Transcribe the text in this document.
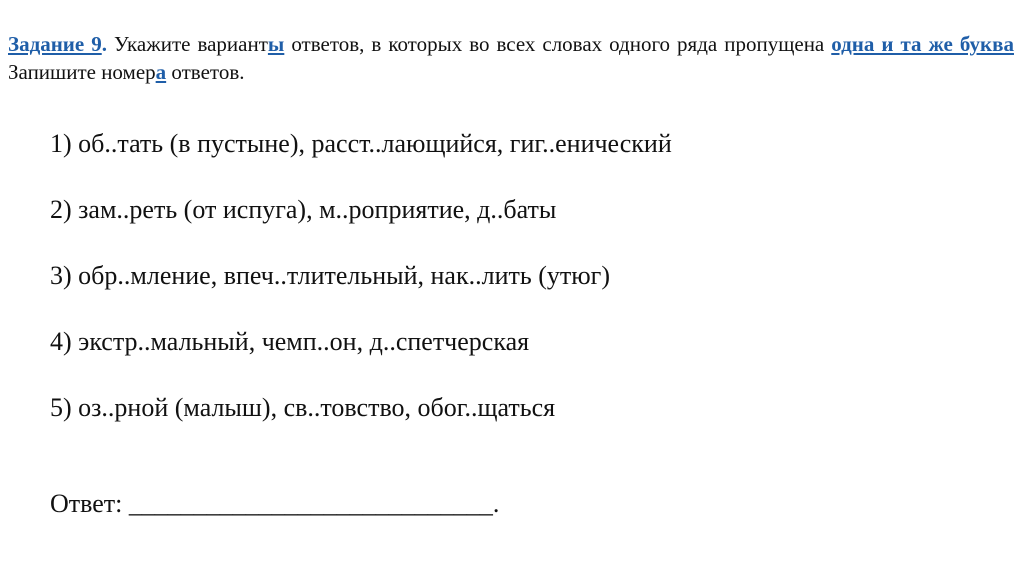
Задание 9. Укажите варианты ответов, в которых во всех словах одного ряда пропущена одна и та же буква Запишите номера ответов.
1) об..тать (в пустыне), расст..лающийся, гиг..енический
2) зам..реть (от испуга), м..роприятие, д..баты
3) обр..мление, впеч..тлительный, нак..лить (утюг)
4) экстр..мальный, чемп..он, д..спетчерская
5) оз..рной (малыш), св..товство, обог..щаться
Ответ: ____________________________.
